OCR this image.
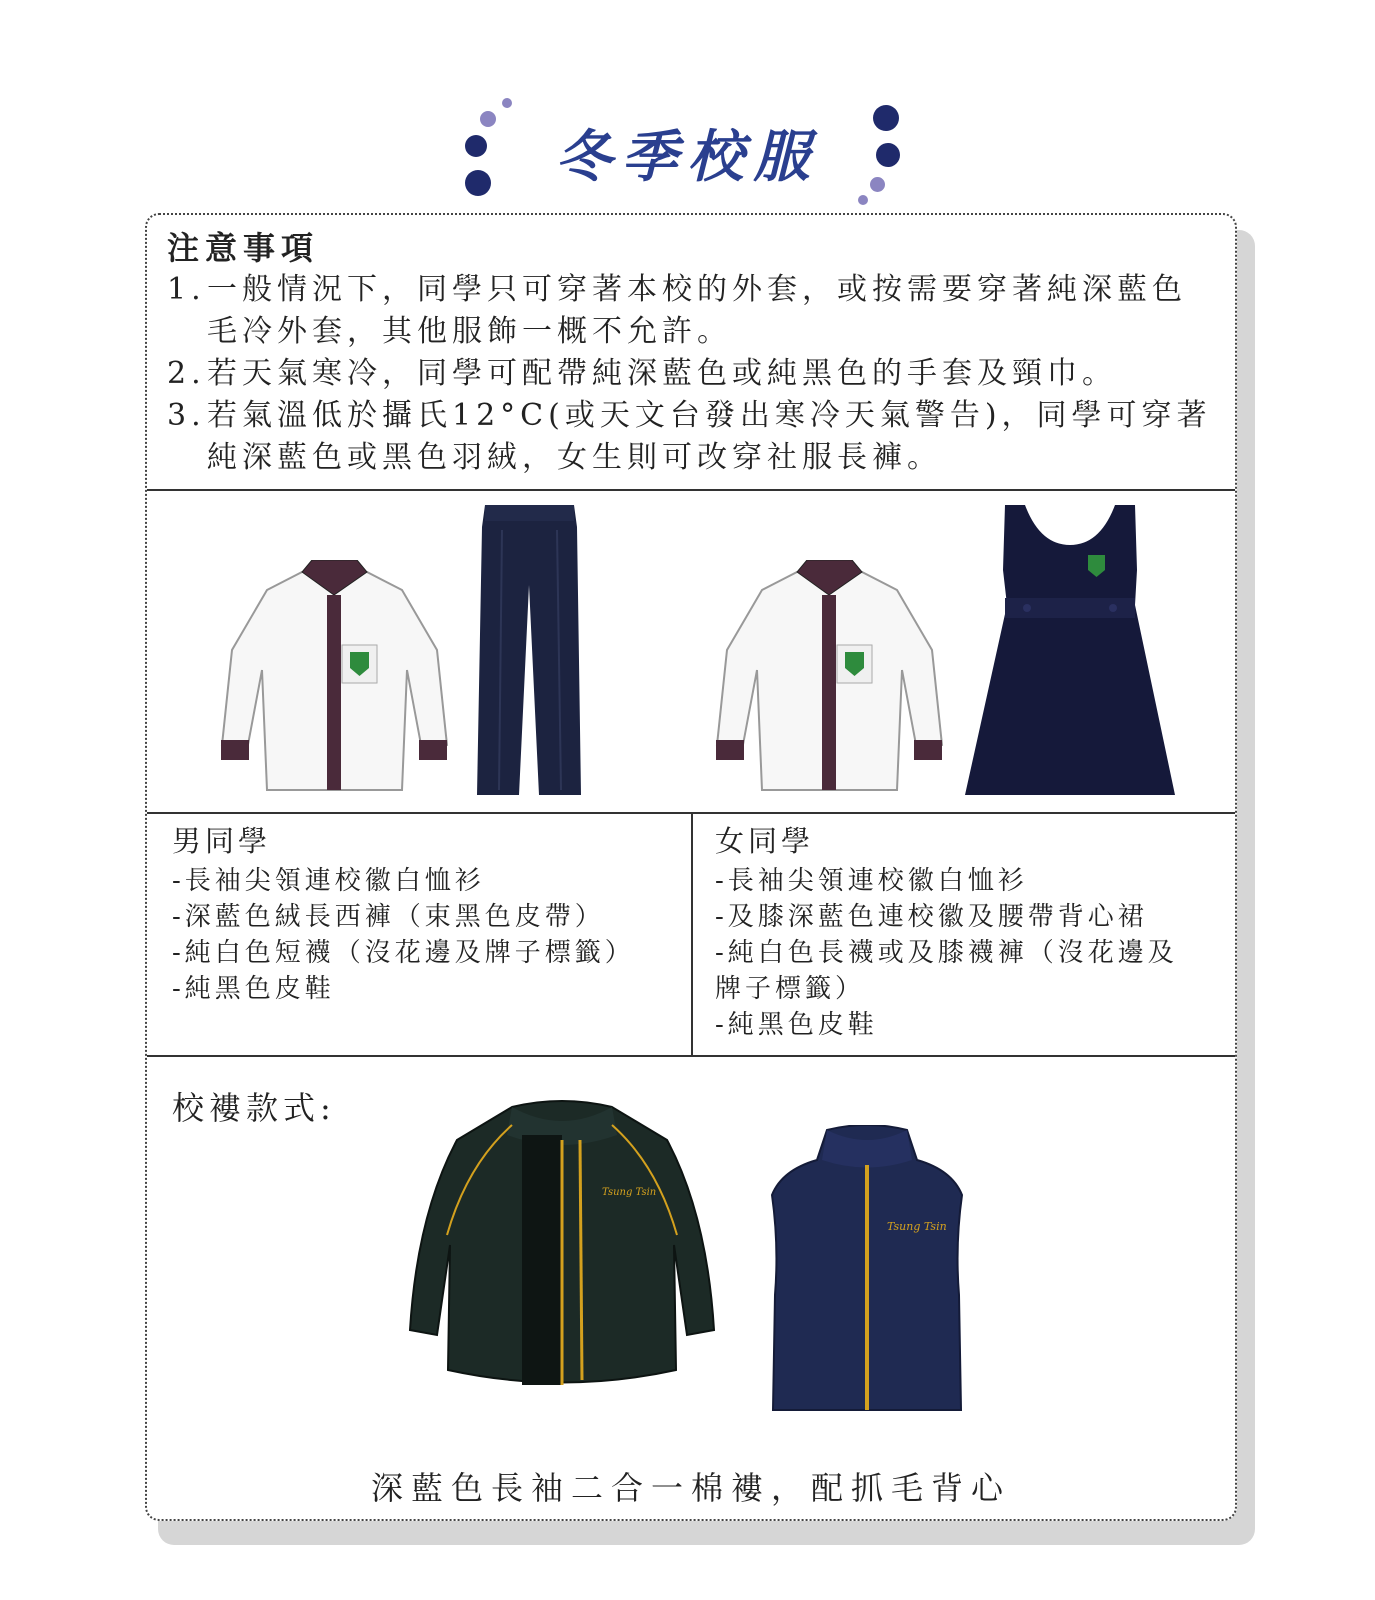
冬季校服
注意事項
1. 一般情況下，同學只可穿著本校的外套，或按需要穿著純深藍色毛冷外套，其他服飾一概不允許。
2. 若天氣寒冷，同學可配帶純深藍色或純黑色的手套及頸巾。
3. 若氣溫低於攝氏12°C(或天文台發出寒冷天氣警告)，同學可穿著純深藍色或黑色羽絨，女生則可改穿社服長褲。
男同學
-長袖尖領連校徽白恤衫
-深藍色絨長西褲（束黑色皮帶）
-純白色短襪（沒花邊及牌子標籤）
-純黑色皮鞋
女同學
-長袖尖領連校徽白恤衫
-及膝深藍色連校徽及腰帶背心裙
-純白色長襪或及膝襪褲（沒花邊及牌子標籤）
-純黑色皮鞋
校褸款式:
Tsung Tsin
Tsung Tsin
深藍色長袖二合一棉褸，配抓毛背心
